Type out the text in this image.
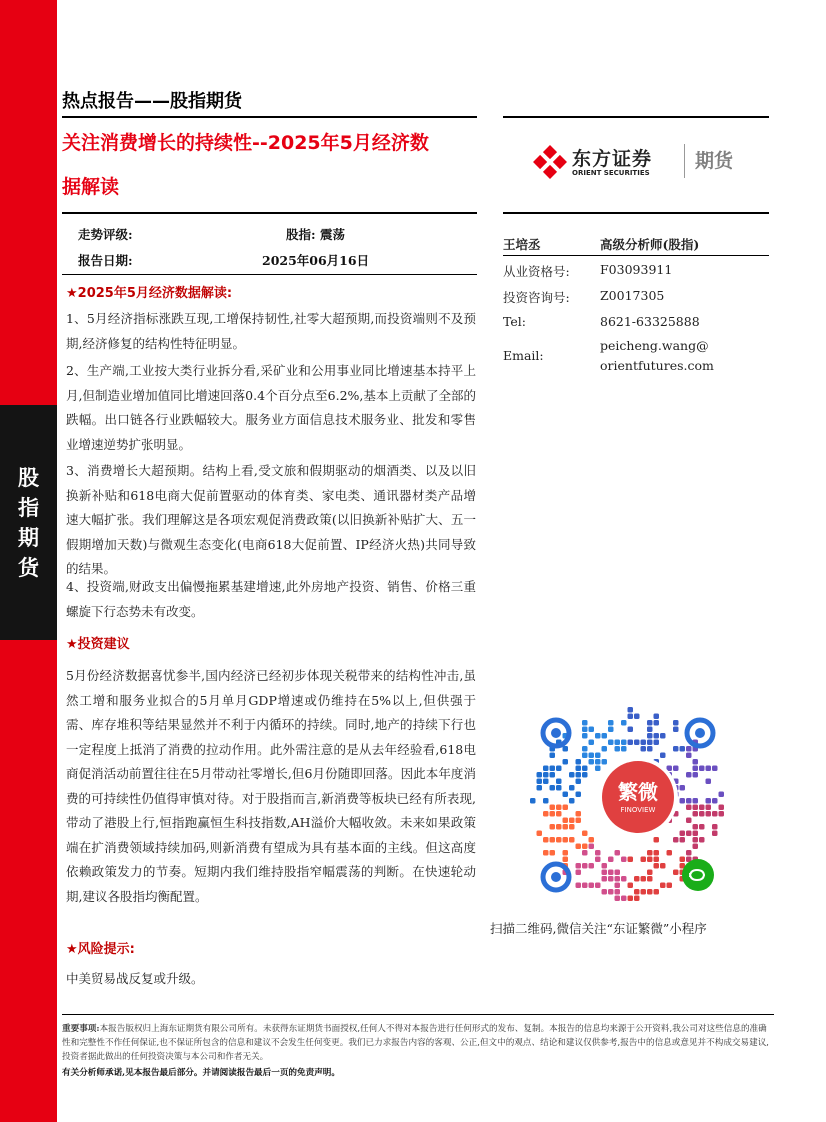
股
指
期
货
热点报告——股指期货
关注消费增长的持续性--2025年5月经济数
据解读
东方证券
ORIENT SECURITIES
期货
走势评级:	股指: 震荡
报告日期:	2025年06月16日
王培丞	高级分析师(股指)
从业资格号: F03093911
投资咨询号: Z0017305
Tel:	8621-63325888
Email:
peicheng.wang@
orientfutures.com
★2025年5月经济数据解读:
1、5月经济指标涨跌互现,工增保持韧性,社零大超预期,而投资端则不及预期,经济修复的结构性特征明显。
2、生产端,工业按大类行业拆分看,采矿业和公用事业同比增速基本持平上月,但制造业增加值同比增速回落0.4个百分点至6.2%,基本上贡献了全部的跌幅。出口链各行业跌幅较大。服务业方面信息技术服务业、批发和零售业增速逆势扩张明显。
3、消费增长大超预期。结构上看,受文旅和假期驱动的烟酒类、以及以旧换新补贴和618电商大促前置驱动的体育类、家电类、通讯器材类产品增速大幅扩张。我们理解这是各项宏观促消费政策(以旧换新补贴扩大、五一假期增加天数)与微观生态变化(电商618大促前置、IP经济火热)共同导致的结果。
4、投资端,财政支出偏慢拖累基建增速,此外房地产投资、销售、价格三重螺旋下行态势未有改变。
★投资建议
5月份经济数据喜忧参半,国内经济已经初步体现关税带来的结构性冲击,虽然工增和服务业拟合的5月单月GDP增速或仍维持在5%以上,但供强于需、库存堆积等结果显然并不利于内循环的持续。同时,地产的持续下行也一定程度上抵消了消费的拉动作用。此外需注意的是从去年经验看,618电商促消活动前置往往在5月带动社零增长,但6月份随即回落。因此本年度消费的可持续性仍值得审慎对待。对于股指而言,新消费等板块已经有所表现,带动了港股上行,恒指跑赢恒生科技指数,AH溢价大幅收敛。未来如果政策端在扩消费领域持续加码,则新消费有望成为具有基本面的主线。但这高度依赖政策发力的节奏。短期内我们维持股指窄幅震荡的判断。在快速轮动期,建议各股指均衡配置。
★风险提示:
中美贸易战反复或升级。
繁微
FINOVIEW
扫描二维码,微信关注“东证繁微”小程序
重要事项:本报告版权归上海东证期货有限公司所有。未获得东证期货书面授权,任何人不得对本报告进行任何形式的发布、复制。本报告的信息均来源于公开资料,我公司对这些信息的准确性和完整性不作任何保证,也不保证所包含的信息和建议不会发生任何变更。我们已力求报告内容的客观、公正,但文中的观点、结论和建议仅供参考,报告中的信息或意见并不构成交易建议,投资者据此做出的任何投资决策与本公司和作者无关。
有关分析师承诺,见本报告最后部分。并请阅读报告最后一页的免责声明。
